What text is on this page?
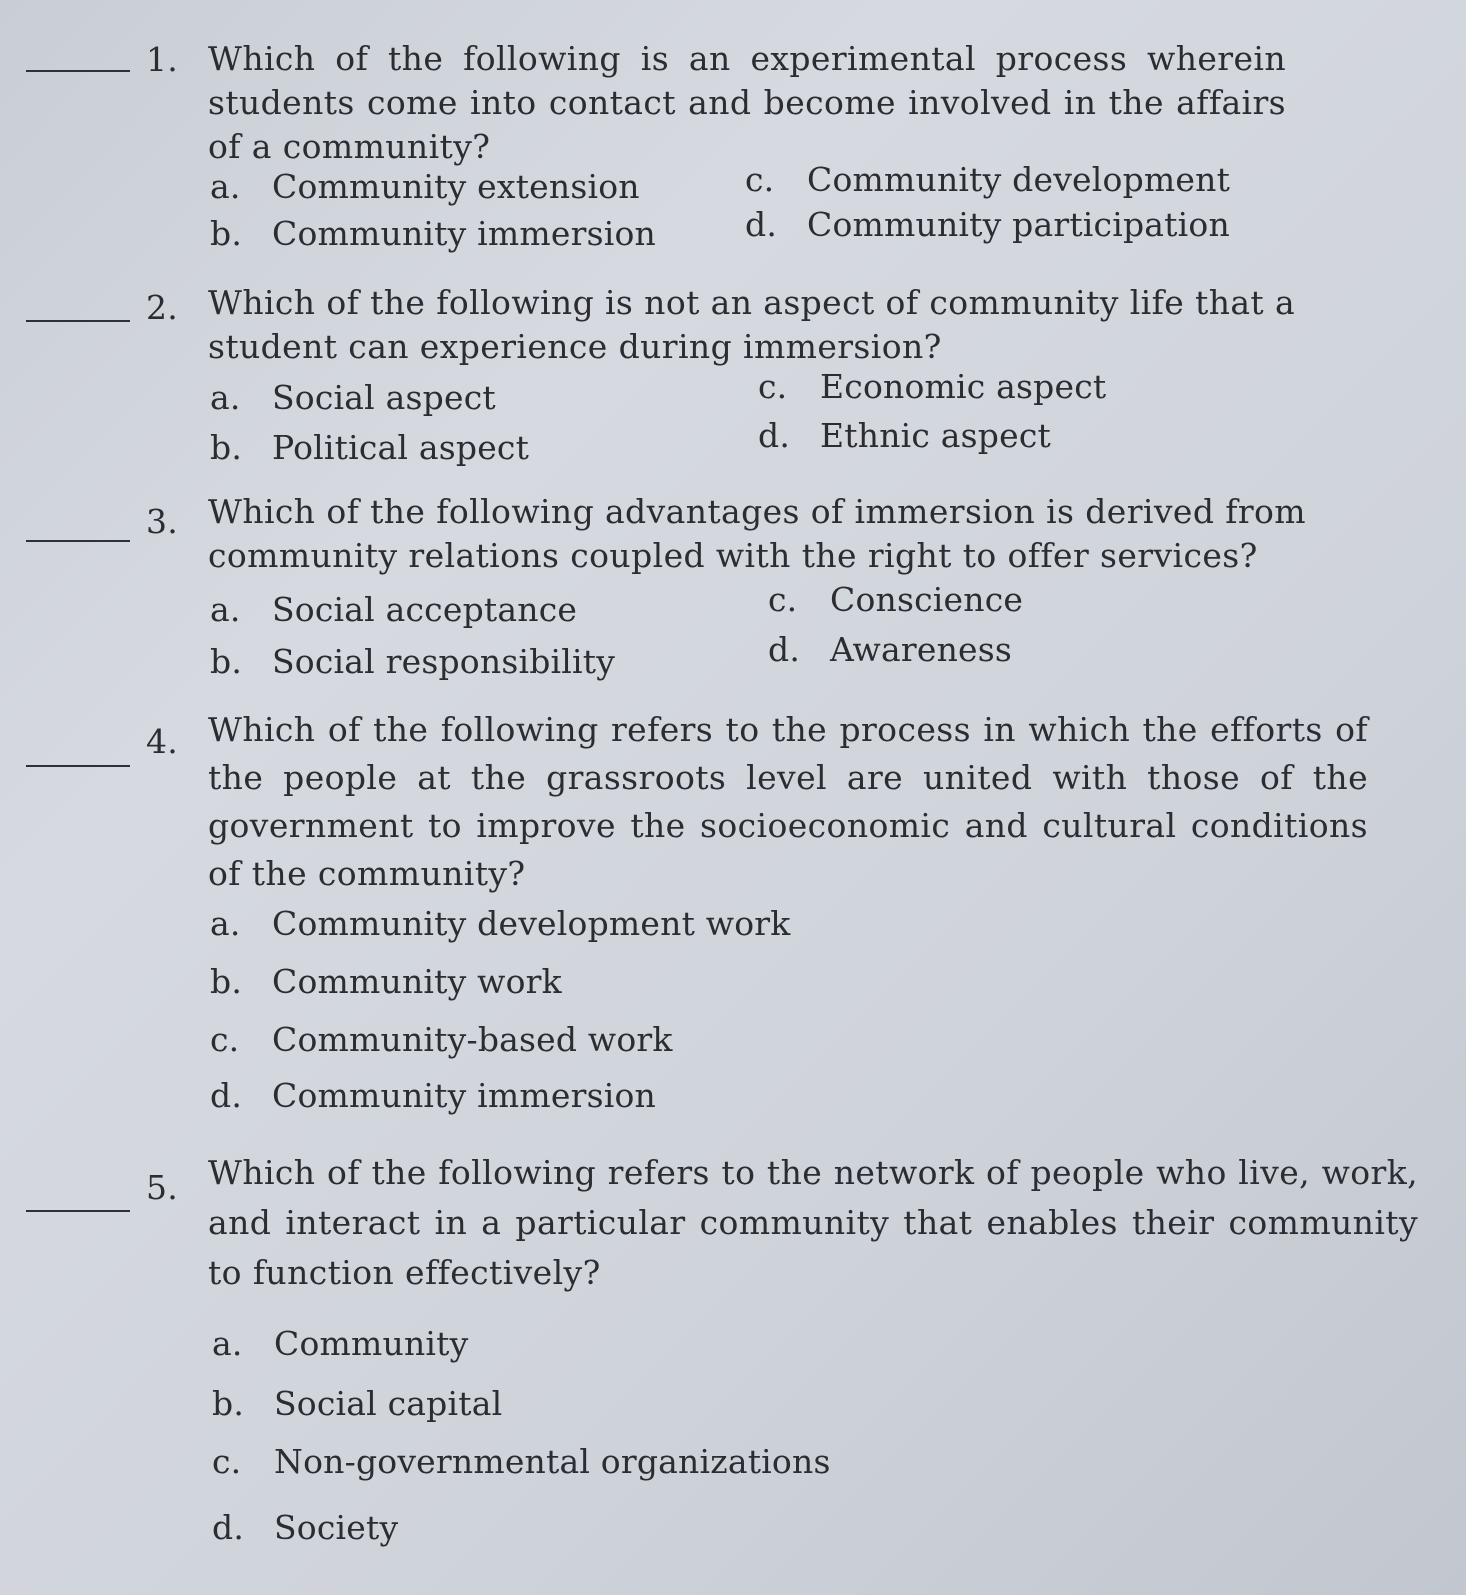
1. Which of the following is an experimental process wherein students come into contact and become involved in the affairs of a community?
a. Community extension
b. Community immersion
c. Community development
d. Community participation
2. Which of the following is not an aspect of community life that a student can experience during immersion?
a. Social aspect
b. Political aspect
c. Economic aspect
d. Ethnic aspect
3. Which of the following advantages of immersion is derived from community relations coupled with the right to offer services?
a. Social acceptance
b. Social responsibility
c. Conscience
d. Awareness
4. Which of the following refers to the process in which the efforts of the people at the grassroots level are united with those of the government to improve the socioeconomic and cultural conditions of the community?
a. Community development work
b. Community work
c. Community-based work
d. Community immersion
5. Which of the following refers to the network of people who live, work, and interact in a particular community that enables their community to function effectively?
a. Community
b. Social capital
c. Non-governmental organizations
d. Society
